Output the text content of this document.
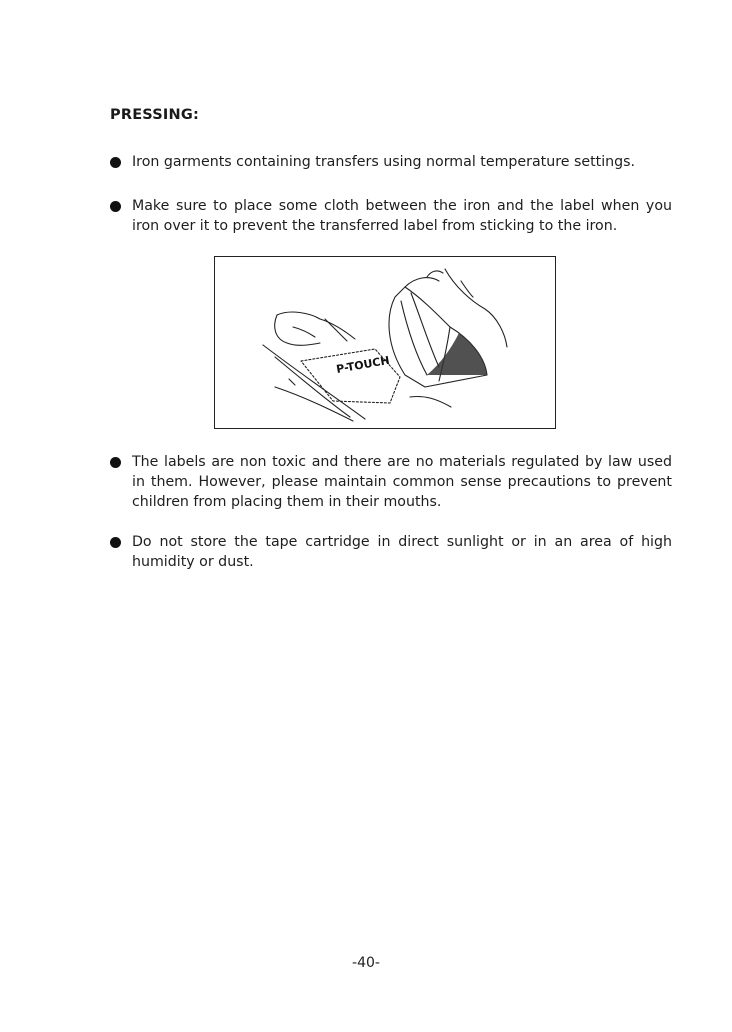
PRESSING:
Iron garments containing transfers using normal temperature settings.
Make sure to place some cloth between the iron and the label when you iron over it to prevent the transferred label from sticking to the iron.
P-TOUCH
The labels are non toxic and there are no materials regulated by law used in them. However, please maintain common sense precautions to prevent children from placing them in their mouths.
Do not store the tape cartridge in direct sunlight or in an area of high humidity or dust.
-40-
